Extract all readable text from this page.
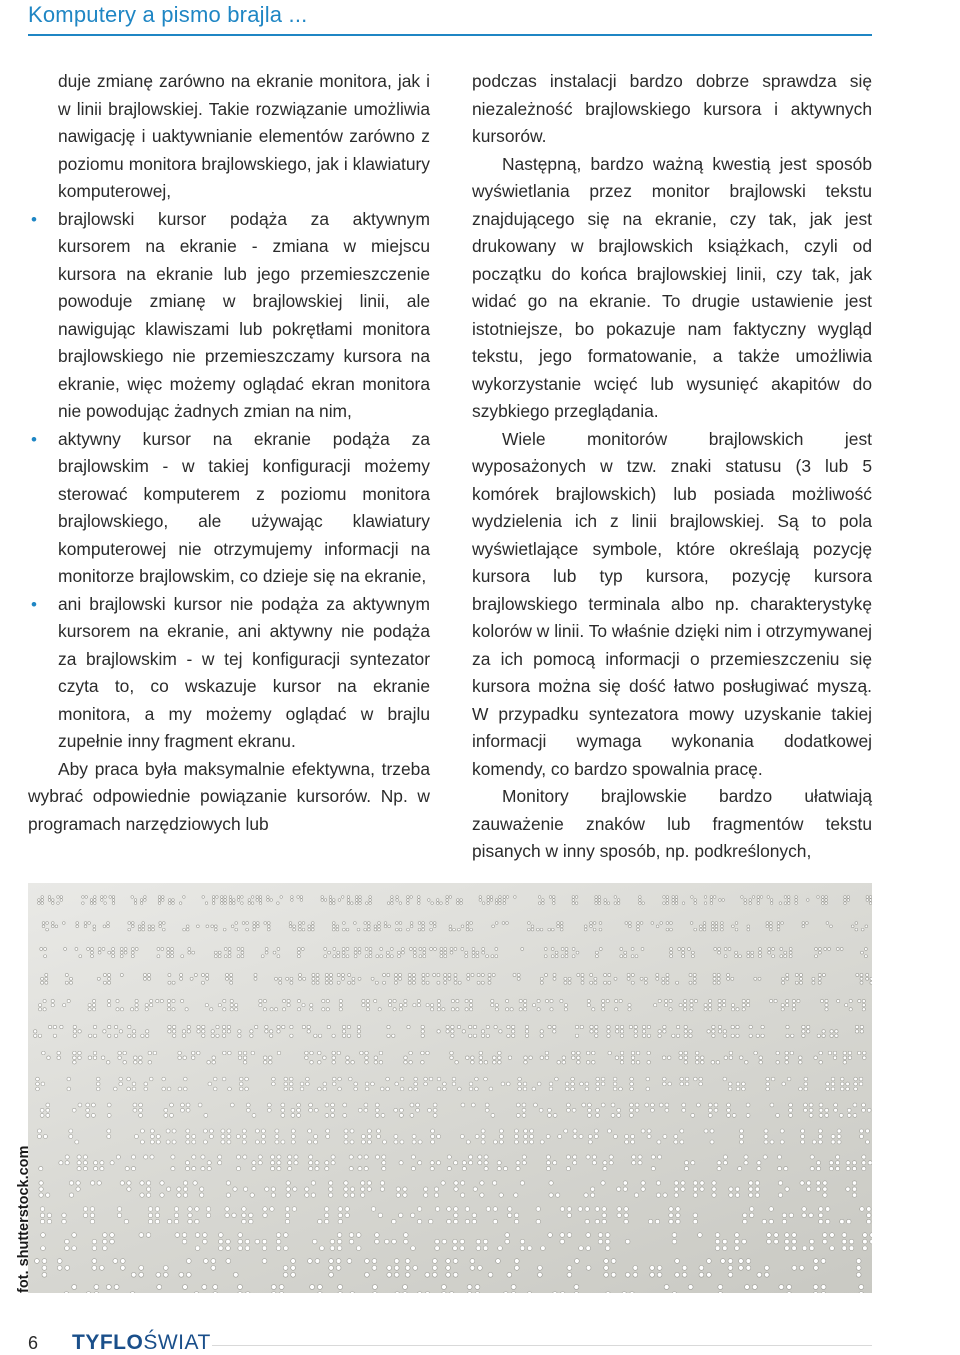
Komputery a pismo brajla ...

duje zmianę zarówno na ekranie monitora, jak i w linii brajlowskiej. Takie rozwiązanie umożliwia nawigację i uaktywnianie elementów zarówno z poziomu monitora brajlowskiego, jak i klawiatury komputerowej,

• brajlowski kursor podąża za aktywnym kursorem na ekranie - zmiana w miejscu kursora na ekranie lub jego przemieszczenie powoduje zmianę w brajlowskiej linii, ale nawigując klawiszami lub pokrętłami monitora brajlowskiego nie przemieszczamy kursora na ekranie, więc możemy oglądać ekran monitora nie powodując żadnych zmian na nim,
• aktywny kursor na ekranie podąża za brajlowskim - w takiej konfiguracji możemy sterować komputerem z poziomu monitora brajlowskiego, ale używając klawiatury komputerowej nie otrzymujemy informacji na monitorze brajlowskim, co dzieje się na ekranie,
• ani brajlowski kursor nie podąża za aktywnym kursorem na ekranie, ani aktywny nie podąża za brajlowskim - w tej konfiguracji syntezator czyta to, co wskazuje kursor na ekranie monitora, a my możemy oglądać w brajlu zupełnie inny fragment ekranu.

Aby praca była maksymalnie efektywna, trzeba wybrać odpowiednie powiązanie kursorów. Np. w programach narzędziowych lub

podczas instalacji bardzo dobrze sprawdza się niezależność brajlowskiego kursora i aktywnych kursorów.

Następną, bardzo ważną kwestią jest sposób wyświetlania przez monitor brajlowski tekstu znajdującego się na ekranie, czy tak, jak jest drukowany w brajlowskich książkach, czyli od początku do końca brajlowskiej linii, czy tak, jak widać go na ekranie. To drugie ustawienie jest istotniejsze, bo pokazuje nam faktyczny wygląd tekstu, jego formatowanie, a także umożliwia wykorzystanie wcięć lub wysunięć akapitów do szybkiego przeglądania.

Wiele monitorów brajlowskich jest wyposażonych w tzw. znaki statusu (3 lub 5 komórek brajlowskich) lub posiada możliwość wydzielenia ich z linii brajlowskiej. Są to pola wyświetlające symbole, które określają pozycję kursora lub typ kursora, pozycję kursora brajlowskiego terminala albo np. charakterystykę kolorów w linii. To właśnie dzięki nim i otrzymywanej za ich pomocą informacji o przemieszczeniu się kursora można się dość łatwo posługiwać myszą. W przypadku syntezatora mowy uzyskanie takiej informacji wymaga wykonania dodatkowej komendy, co bardzo spowalnia pracę.

Monitory brajlowskie bardzo ułatwiają zauważenie znaków lub fragmentów tekstu pisanych w inny sposób, np. podkreślonych,

fot. shutterstock.com
6 TYFLOŚWIAT
